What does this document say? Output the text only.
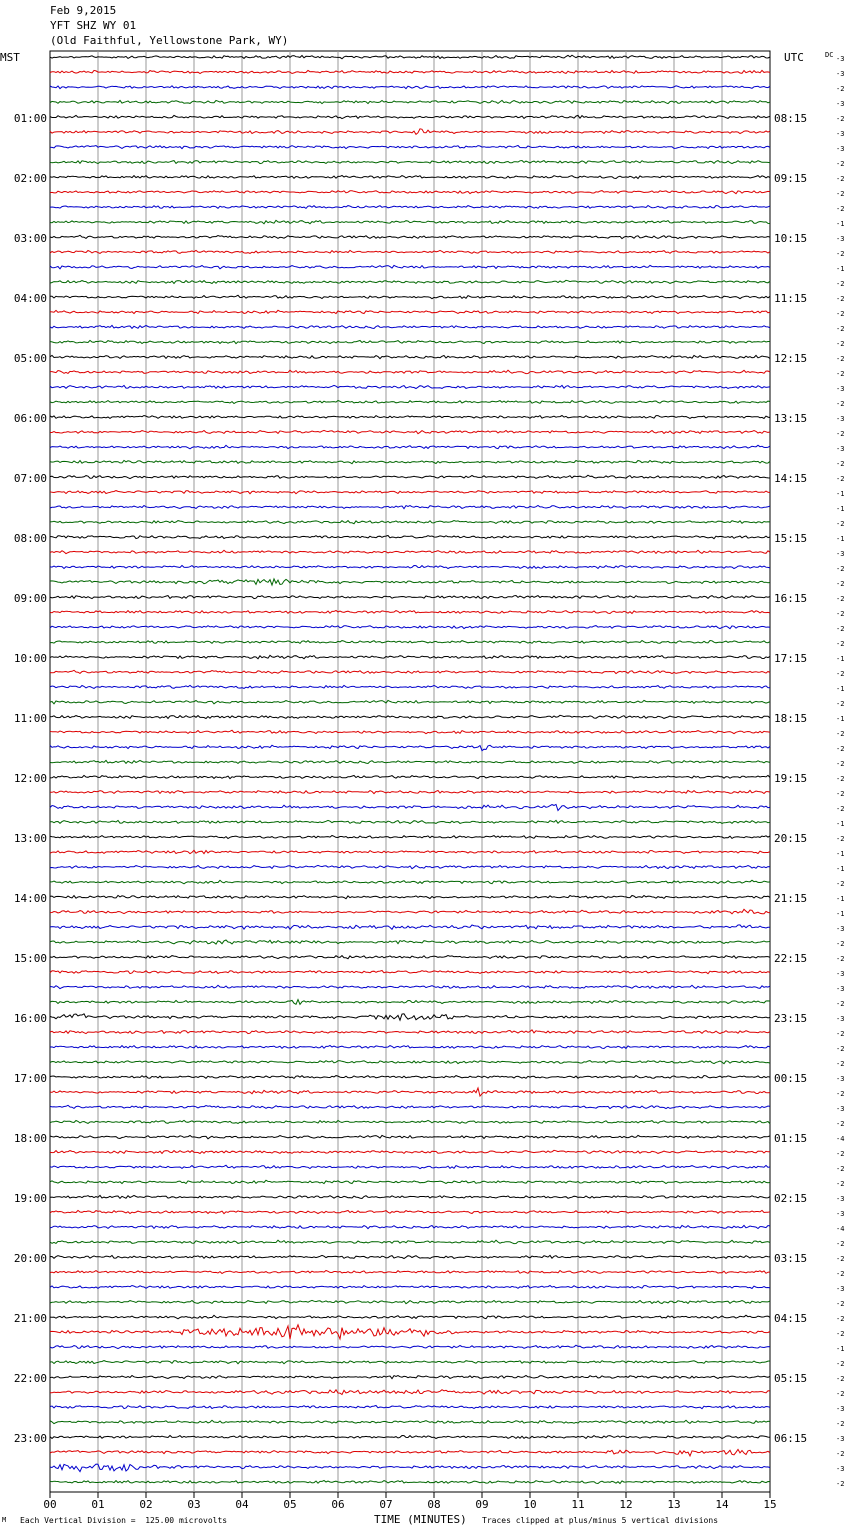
Feb 9,2015
YFT SHZ WY 01
(Old Faithful, Yellowstone Park, WY)
00	01	02	03	04	05	06	07	08	09	10	11	12	13	14	15
MST	UTC	DC -3
-3
-2
-3
01:00	08:15	-2
-3
-3
-2
02:00	09:15	-2
-2
-2
-1
03:00	10:15	-3
-2
-1
-2
04:00	11:15	-2
-2
-2
-2
05:00	12:15	-2
-2
-3
-2
06:00	13:15	-3
-2
-3
-2
07:00	14:15	-2
-1
-1
-2
08:00	15:15	-1
-3
-2
-2
09:00	16:15	-2
-2
-2
-2
10:00	17:15	-1
-2
-1
-2
11:00	18:15	-1
-2
-2
-2
12:00	19:15	-2
-2
-2
-1
13:00	20:15	-2
-1
-1
-2
14:00	21:15	-1
-1
-3
-2
15:00	22:15	-2
-3
-3
-2
16:00	23:15	-3
-2
-2
-2
17:00	00:15	-3
-2
-3
-2
18:00	01:15	-4
-2
-2
-2
19:00	02:15	-3
-3
-4
-2
20:00	03:15	-2
-2
-3
-2
21:00	04:15	-2
-2
-1
-2
22:00	05:15	-2
-2
-3
-2
23:00	06:15	-3
-2
-3
-2
M Each Vertical Division =  125.00 microvolts	TIME (MINUTES) Traces clipped at plus/minus 5 vertical divisions
